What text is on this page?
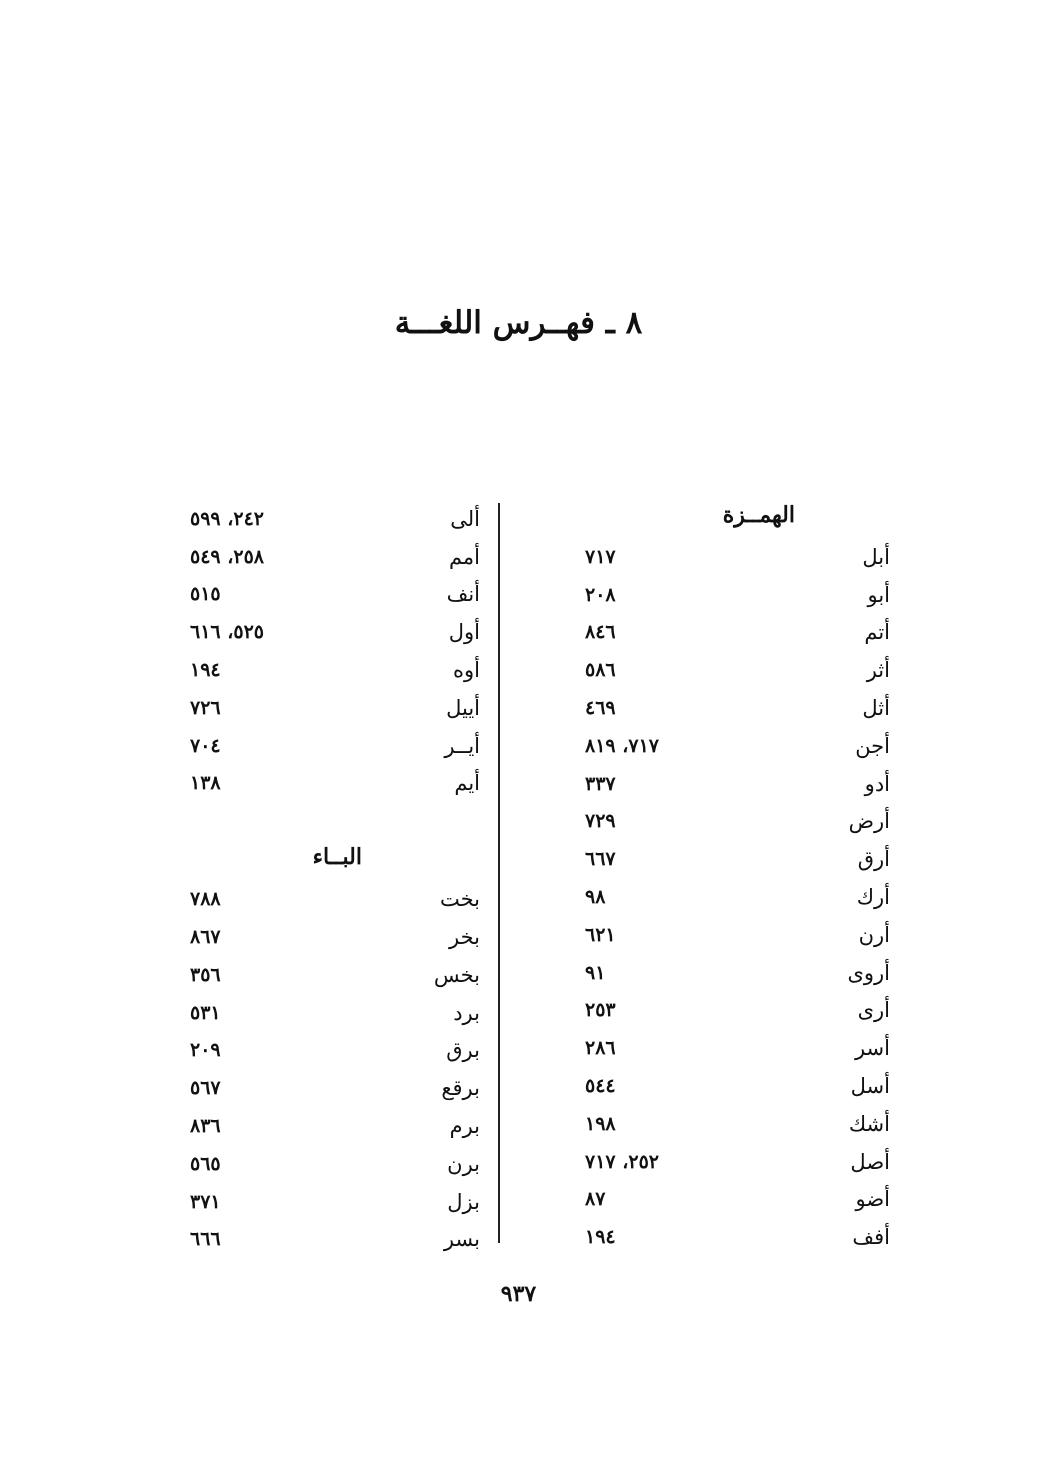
٨ ـ فهــرس اللغـــة
الهمــزة
أبل
٧١٧
أبو
٢٠٨
أتم
٨٤٦
أثر
٥٨٦
أثل
٤٦٩
أجن
٧١٧، ٨١٩
أدو
٣٣٧
أرض
٧٢٩
أرق
٦٦٧
أرك
٩٨
أرن
٦٢١
أروى
٩١
أرى
٢٥٣
أسر
٢٨٦
أسل
٥٤٤
أشك
١٩٨
أصل
٢٥٢، ٧١٧
أضو
٨٧
أفف
١٩٤
ألى
٢٤٢، ٥٩٩
أمم
٢٥٨، ٥٤٩
أنف
٥١٥
أول
٥٢٥، ٦١٦
أوه
١٩٤
أييل
٧٢٦
أيــر
٧٠٤
أيم
١٣٨
البــاء
بخت
٧٨٨
بخر
٨٦٧
بخس
٣٥٦
برد
٥٣١
برق
٢٠٩
برقع
٥٦٧
برم
٨٣٦
برن
٥٦٥
بزل
٣٧١
بسر
٦٦٦
٩٣٧
